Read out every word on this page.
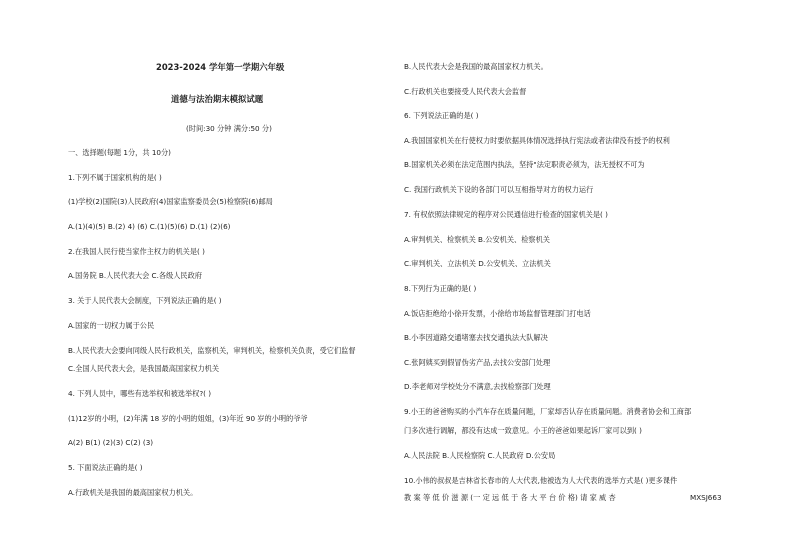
2023-2024 学年第一学期六年级
道德与法治期末模拟试题
(时间:30 分钟 满分:50 分)
一、选择题(每题 1分，共 10分)
1.下列不属于国家机构的是( )
(1)学校(2)国院(3)人民政府(4)国家监察委员会(5)检察院(6)邮局
A.(1)(4)(5) B.(2) 4) (6) C.(1)(5)(6) D.(1) (2)(6)
2.在我国人民行使当家作主权力的机关是( )
A.国务院 B.人民代表大会 C.各级人民政府
3. 关于人民代表大会制度，下列说法正确的是( )
A.国家的一切权力属于公民
B.人民代表大会要向同级人民行政机关，监察机关，审判机关，检察机关负责，受它们监督
C.全国人民代表大会，是我国最高国家权力机关
4. 下列人员中，哪些有选举权和被选举权?( )
(1)12岁的小明，(2)年满 18 岁的小明的姐姐，(3)年近 90 岁的小明的爷爷
A(2) B(1) (2)(3) C(2) (3)
5. 下面说法正确的是( )
A.行政机关是我国的最高国家权力机关。
B.人民代表大会是我国的最高国家权力机关。
C.行政机关也要接受人民代表大会监督
6. 下列说法正确的是( )
A.我国国家机关在行使权力时要依据具体情况选择执行宪法或者法律没有授予的权利
B.国家机关必须在法定范围内执法，坚持"法定职责必须为，法无授权不可为
C. 我国行政机关下设的各部门可以互相指导对方的权力运行
7. 有权依照法律规定的程序对公民通信进行检查的国家机关是( )
A.审判机关、检察机关 B.公安机关、检察机关
C.审判机关、立法机关 D.公安机关、立法机关
8.下列行为正确的是( )
A.饭店拒绝给小徐开发票，小徐给市场监督管理部门打电话
B.小李因道路交通堵塞去找交通执法大队解决
C.张阿姨买到假冒伪劣产品,去找公安部门处理
D.李老师对学校处分不满意,去找检察部门处理
9.小王的爸爸购买的小汽车存在质量问题，厂家却否认存在质量问题。消费者协会和工商部
门多次进行调解，都没有达成一致意见。小王的爸爸如果起诉厂家可以到( )
A.人民法院 B.人民检察院 C.人民政府 D.公安局
10.小伟的叔叔是吉林省长春市的人大代表,他被选为人大代表的选举方式是( )更多课件
教 案 等 低 价 滋 源 (一 定 远 低 于 各 大 平 台 价 格) 请 家 威 杏	MXSJ663
